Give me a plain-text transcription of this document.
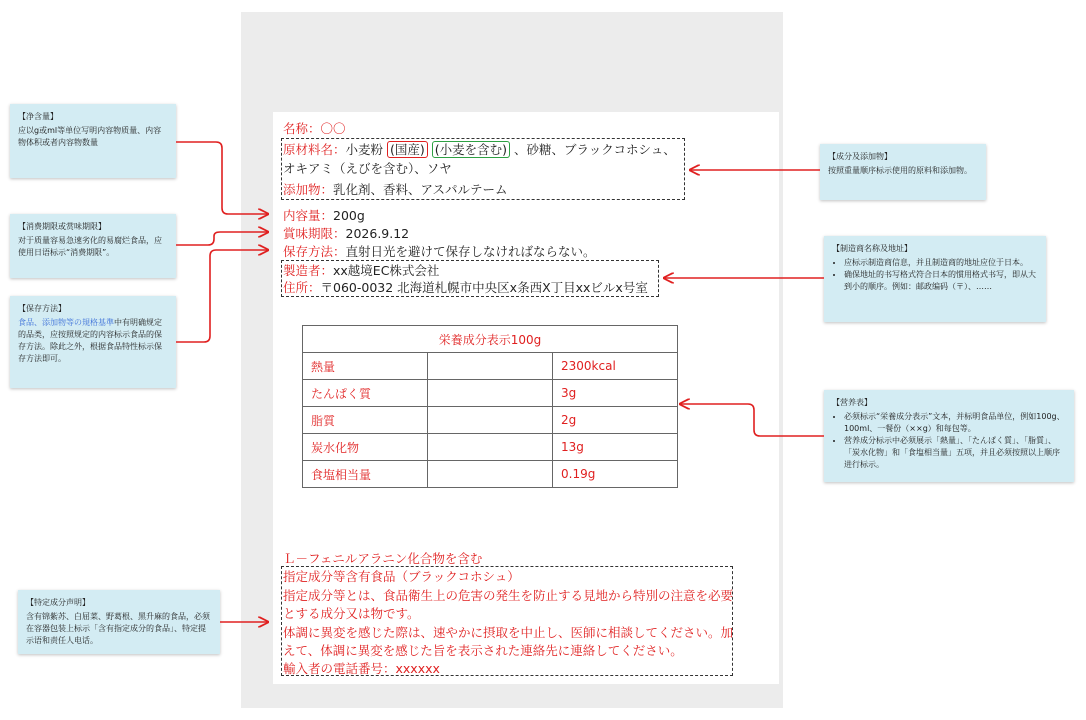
名称：〇〇
原材料名：小麦粉 (国産) (小麦を含む) 、砂糖、ブラックコホシュ、
オキアミ（えびを含む）、ソヤ
添加物：乳化剤、香料、アスパルテーム
内容量：200g
賞味期限：2026.9.12
保存方法：直射日光を避けて保存しなければならない。
製造者：xx越境EC株式会社
住所：〒060-0032 北海道札幌市中央区x条西X丁目xxビルx号室
栄養成分表示100g		
熱量		2300kcal
たんぱく質		3g
脂質		2g
炭水化物		13g
食塩相当量		0.19g
Ｌ－フェニルアラニン化合物を含む
指定成分等含有食品（ブラックコホシュ）
指定成分等とは、食品衛生上の危害の発生を防止する見地から特別の注意を必要
とする成分又は物です。
体調に異変を感じた際は、速やかに摂取を中止し、医師に相談してください。加
えて、体調に異変を感じた旨を表示された連絡先に連絡してください。
輸入者の電話番号：xxxxxx
【净含量】
应以g或ml等单位写明内容物质量、内容物体积或者内容物数量
【消费期限或赏味期限】
对于质量容易急速劣化的易腐烂食品，应使用日语标示“消费期限”。
【保存方法】
食品、添加物等の規格基準中有明确规定的品类，应按照规定的内容标示食品的保存方法。除此之外，根据食品特性标示保存方法即可。
【特定成分声明】
含有锦紫苏、白屈菜、野葛根、黑升麻的食品，必须在容器包装上标示「含有指定成分的食品」、特定提示语和责任人电话。
【成分及添加物】
按照重量顺序标示使用的原料和添加物。
【制造商名称及地址】
• 应标示制造商信息，并且制造商的地址应位于日本。
• 确保地址的书写格式符合日本的惯用格式书写，即从大到小的顺序。例如：邮政编码（〒）、……
【营养表】
• 必须标示“栄養成分表示”文本，并标明食品单位，例如100g、100ml、一餐份（××g）和每包等。
• 营养成分标示中必须展示「熱量」、「たんぱく質」、「脂質」、「炭水化物」和「食塩相当量」五项，并且必须按照以上顺序进行标示。
